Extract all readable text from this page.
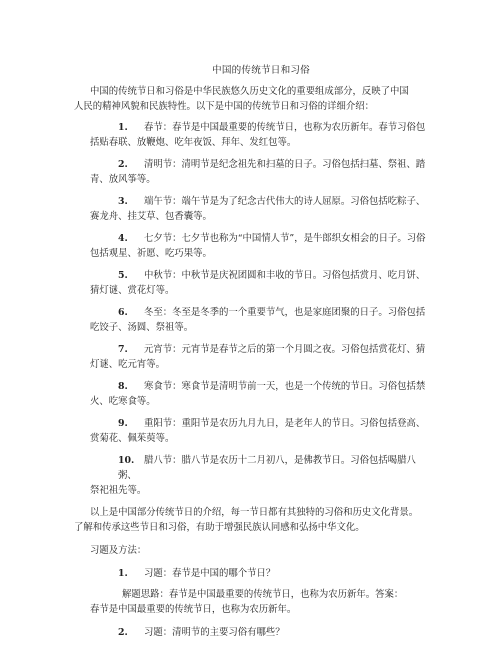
中国的传统节日和习俗
中国的传统节日和习俗是中华民族悠久历史文化的重要组成部分，反映了中国
人民的精神风貌和民族特性。以下是中国的传统节日和习俗的详细介绍：
1. 春节：春节是中国最重要的传统节日，也称为农历新年。春节习俗包
括贴春联、放鞭炮、吃年夜饭、拜年、发红包等。
2. 清明节：清明节是纪念祖先和扫墓的日子。习俗包括扫墓、祭祖、踏
青、放风筝等。
3. 端午节：端午节是为了纪念古代伟大的诗人屈原。习俗包括吃粽子、
赛龙舟、挂艾草、包香囊等。
4. 七夕节：七夕节也称为“中国情人节”，是牛郎织女相会的日子。习俗
包括观星、祈愿、吃巧果等。
5. 中秋节：中秋节是庆祝团圆和丰收的节日。习俗包括赏月、吃月饼、
猜灯谜、赏花灯等。
6. 冬至：冬至是冬季的一个重要节气，也是家庭团聚的日子。习俗包括
吃饺子、汤圆、祭祖等。
7. 元宵节：元宵节是春节之后的第一个月圆之夜。习俗包括赏花灯、猜
灯谜、吃元宵等。
8. 寒食节：寒食节是清明节前一天，也是一个传统的节日。习俗包括禁
火、吃寒食等。
9. 重阳节：重阳节是农历九月九日，是老年人的节日。习俗包括登高、
赏菊花、佩茱萸等。
10. 腊八节：腊八节是农历十二月初八，是佛教节日。习俗包括喝腊八粥、
祭祀祖先等。
以上是中国部分传统节日的介绍，每一节日都有其独特的习俗和历史文化背景。
了解和传承这些节日和习俗，有助于增强民族认同感和弘扬中华文化。
习题及方法：
1. 习题：春节是中国的哪个节日？
解题思路：春节是中国最重要的传统节日，也称为农历新年。答案：
春节是中国最重要的传统节日，也称为农历新年。
2. 习题：清明节的主要习俗有哪些？
